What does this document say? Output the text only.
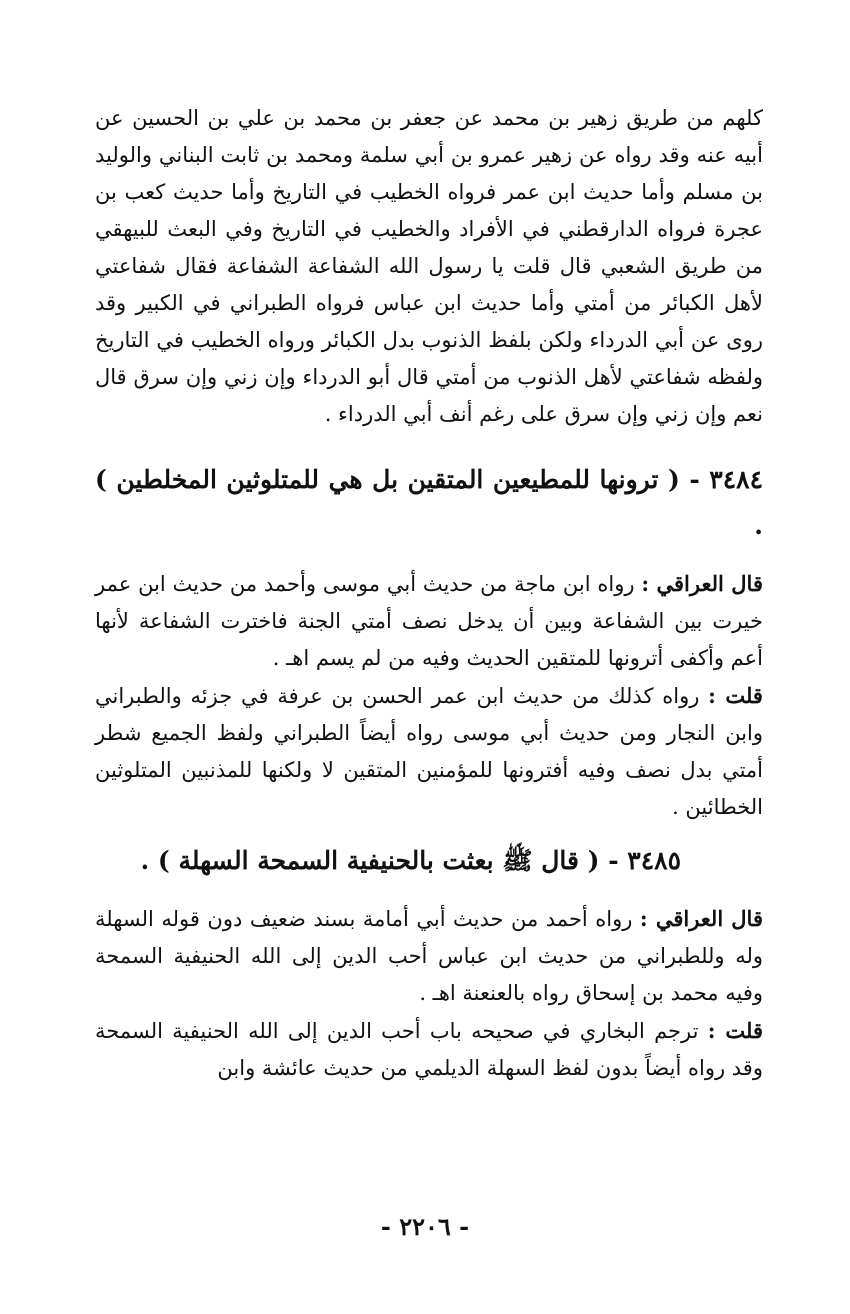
كلهم من طريق زهير بن محمد عن جعفر بن محمد بن علي بن الحسين عن أبيه عنه وقد رواه عن زهير عمرو بن أبي سلمة ومحمد بن ثابت البناني والوليد بن مسلم وأما حديث ابن عمر فرواه الخطيب في التاريخ وأما حديث كعب بن عجرة فرواه الدارقطني في الأفراد والخطيب في التاريخ وفي البعث للبيهقي من طريق الشعبي قال قلت يا رسول الله الشفاعة الشفاعة فقال شفاعتي لأهل الكبائر من أمتي وأما حديث ابن عباس فرواه الطبراني في الكبير وقد روى عن أبي الدرداء ولكن بلفظ الذنوب بدل الكبائر ورواه الخطيب في التاريخ ولفظه شفاعتي لأهل الذنوب من أمتي قال أبو الدرداء وإن زني وإن سرق قال نعم وإن زني وإن سرق على رغم أنف أبي الدرداء .

٣٤٨٤ - ( ترونها للمطيعين المتقين بل هي للمتلوثين المخلطين ) .

قال العراقي : رواه ابن ماجة من حديث أبي موسى وأحمد من حديث ابن عمر خيرت بين الشفاعة وبين أن يدخل نصف أمتي الجنة فاخترت الشفاعة لأنها أعم وأكفى أترونها للمتقين الحديث وفيه من لم يسم اهـ .

قلت : رواه كذلك من حديث ابن عمر الحسن بن عرفة في جزئه والطبراني وابن النجار ومن حديث أبي موسى رواه أيضاً الطبراني ولفظ الجميع شطر أمتي بدل نصف وفيه أفترونها للمؤمنين المتقين لا ولكنها للمذنبين المتلوثين الخطائين .

٣٤٨٥ - ( قال ﷺ بعثت بالحنيفية السمحة السهلة ) .

قال العراقي : رواه أحمد من حديث أبي أمامة بسند ضعيف دون قوله السهلة وله وللطبراني من حديث ابن عباس أحب الدين إلى الله الحنيفية السمحة وفيه محمد بن إسحاق رواه بالعنعنة اهـ .

قلت : ترجم البخاري في صحيحه باب أحب الدين إلى الله الحنيفية السمحة وقد رواه أيضاً بدون لفظ السهلة الديلمي من حديث عائشة وابن

- ٢٢٠٦ -
